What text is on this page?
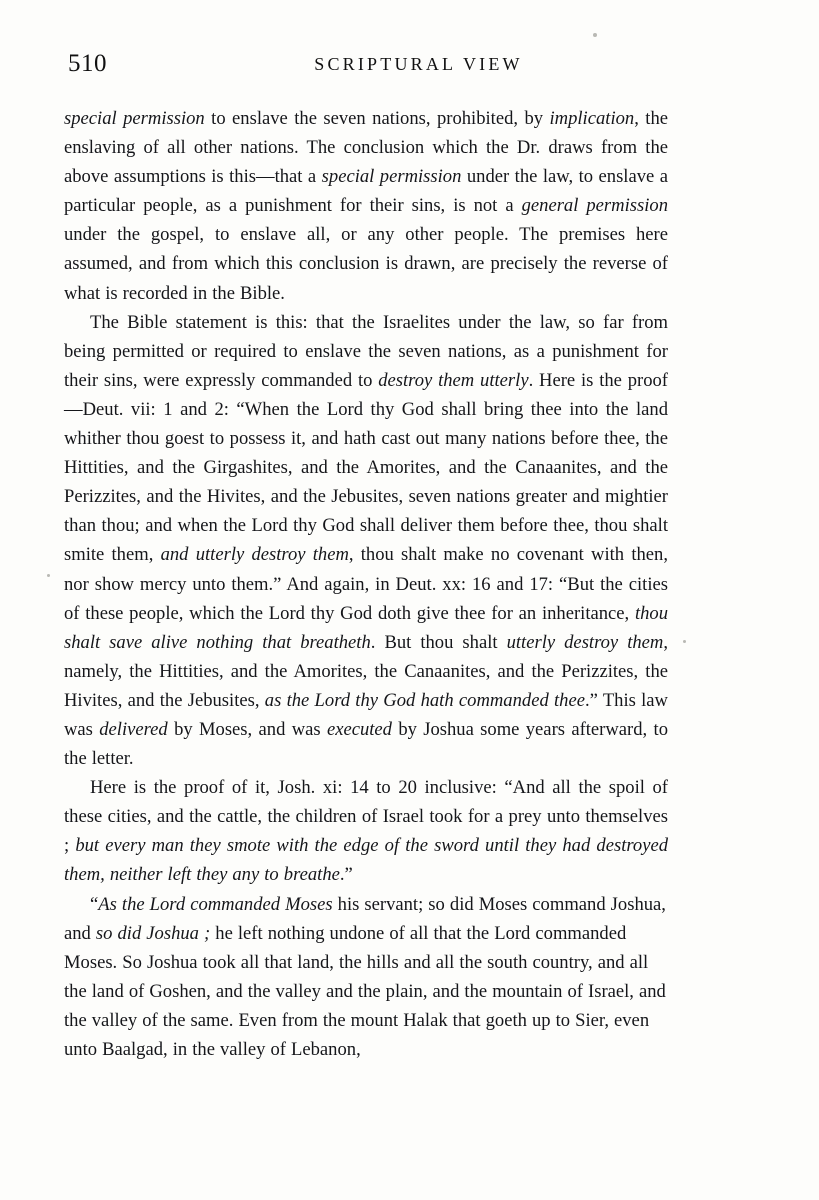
510	SCRIPTURAL VIEW

special permission to enslave the seven nations, prohibited, by implication, the enslaving of all other nations. The conclusion which the Dr. draws from the above assumptions is this—that a special permission under the law, to enslave a particular people, as a punishment for their sins, is not a general permission under the gospel, to enslave all, or any other people. The premises here assumed, and from which this conclusion is drawn, are precisely the reverse of what is recorded in the Bible.

The Bible statement is this: that the Israelites under the law, so far from being permitted or required to enslave the seven nations, as a punishment for their sins, were expressly commanded to destroy them utterly. Here is the proof—Deut. vii: 1 and 2: “When the Lord thy God shall bring thee into the land whither thou goest to possess it, and hath cast out many nations before thee, the Hittities, and the Girgashites, and the Amorites, and the Canaanites, and the Perizzites, and the Hivites, and the Jebusites, seven nations greater and mightier than thou; and when the Lord thy God shall deliver them before thee, thou shalt smite them, and utterly destroy them, thou shalt make no covenant with then, nor show mercy unto them.” And again, in Deut. xx: 16 and 17: “But the cities of these people, which the Lord thy God doth give thee for an inheritance, thou shalt save alive nothing that breatheth. But thou shalt utterly destroy them, namely, the Hittities, and the Amorites, the Canaanites, and the Perizzites, the Hivites, and the Jebusites, as the Lord thy God hath commanded thee.” This law was delivered by Moses, and was executed by Joshua some years afterward, to the letter.

Here is the proof of it, Josh. xi: 14 to 20 inclusive: “And all the spoil of these cities, and the cattle, the children of Israel took for a prey unto themselves ; but every man they smote with the edge of the sword until they had destroyed them, neither left they any to breathe.”

“As the Lord commanded Moses his servant; so did Moses command Joshua, and so did Joshua ; he left nothing undone of all that the Lord commanded Moses. So Joshua took all that land, the hills and all the south country, and all the land of Goshen, and the valley and the plain, and the mountain of Israel, and the valley of the same. Even from the mount Halak that goeth up to Sier, even unto Baalgad, in the valley of Lebanon,
